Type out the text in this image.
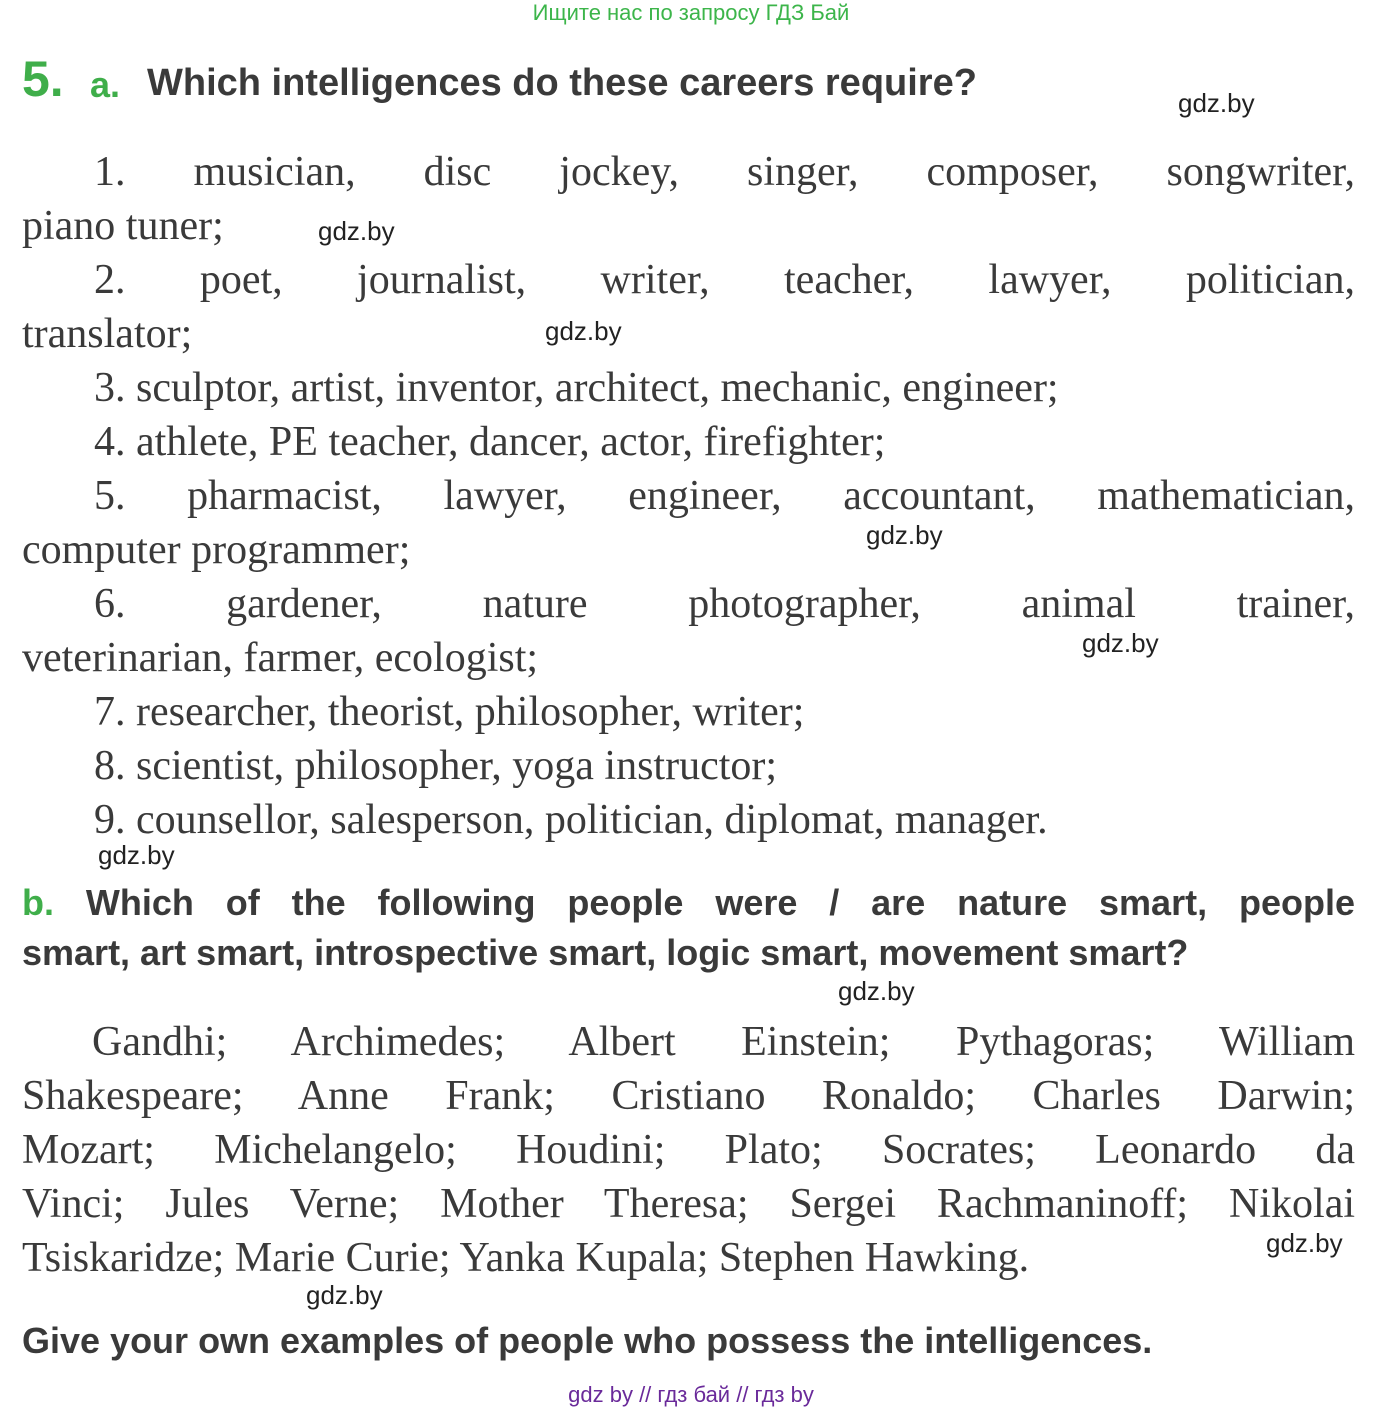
Ищите нас по запросу ГДЗ Бай
5. a. Which intelligences do these careers require?	gdz.by
1. musician, disc jockey, singer, composer, songwriter,
piano tuner;	gdz.by
2. poet, journalist, writer, teacher, lawyer, politician,
translator;	gdz.by
3. sculptor, artist, inventor, architect, mechanic, engineer;
4. athlete, PE teacher, dancer, actor, firefighter;
5. pharmacist, lawyer, engineer, accountant, mathematician,
computer programmer;	gdz.by
6. gardener, nature photographer, animal trainer,
veterinarian, farmer, ecologist;	gdz.by
7. researcher, theorist, philosopher, writer;
8. scientist, philosopher, yoga instructor;
9. counsellor, salesperson, politician, diplomat, manager.
gdz.by
b. Which of the following people were / are nature smart, people
smart, art smart, introspective smart, logic smart, movement smart?
gdz.by
Gandhi; Archimedes; Albert Einstein; Pythagoras; William
Shakespeare; Anne Frank; Cristiano Ronaldo; Charles Darwin;
Mozart; Michelangelo; Houdini; Plato; Socrates; Leonardo da
Vinci; Jules Verne; Mother Theresa; Sergei Rachmaninoff; Nikolai
Tsiskaridze; Marie Curie; Yanka Kupala; Stephen Hawking.	gdz.by
gdz.by
Give your own examples of people who possess the intelligences.
gdz by // гдз бай // гдз by
